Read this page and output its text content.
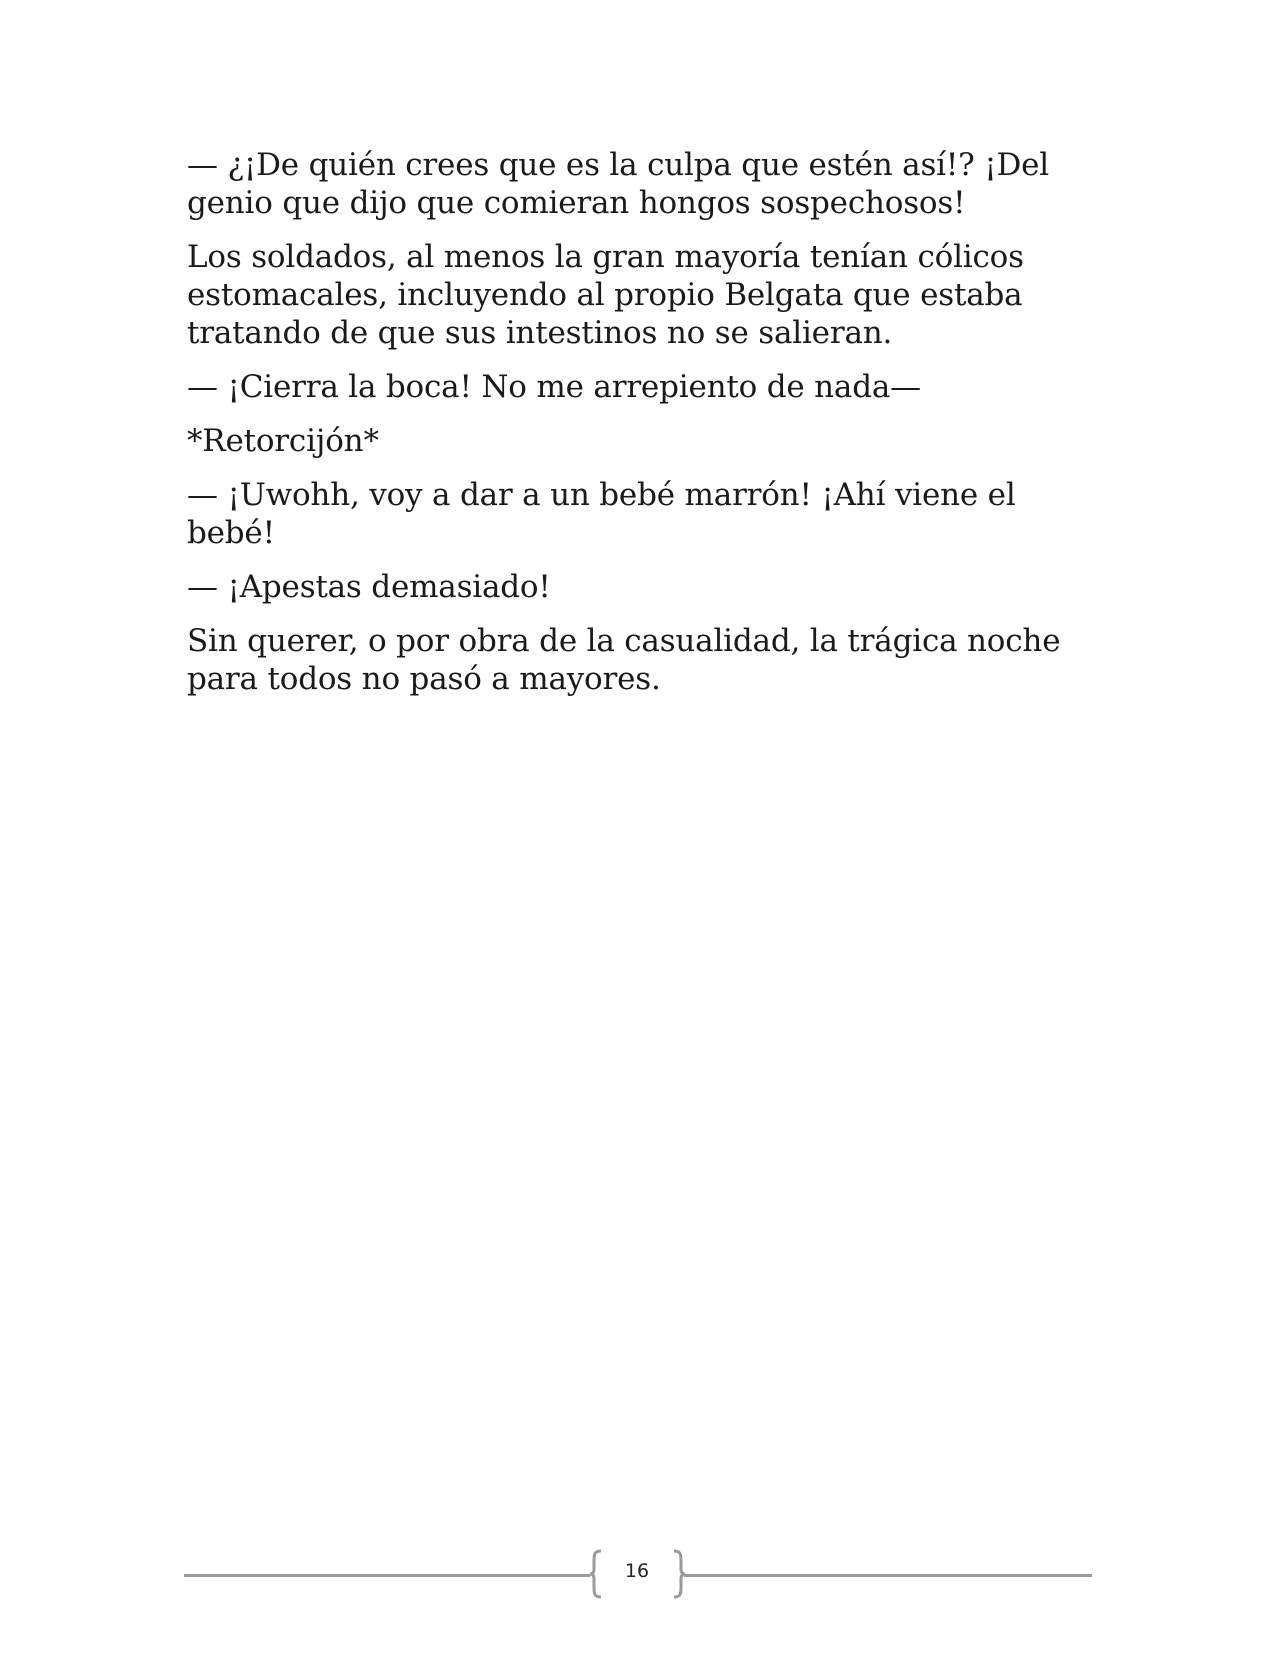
— ¿¡De quién crees que es la culpa que estén así!? ¡Del genio que dijo que comieran hongos sospechosos!

Los soldados, al menos la gran mayoría tenían cólicos estomacales, incluyendo al propio Belgata que estaba tratando de que sus intestinos no se salieran.

— ¡Cierra la boca! No me arrepiento de nada—

*Retorcijón*

— ¡Uwohh, voy a dar a un bebé marrón! ¡Ahí viene el bebé!

— ¡Apestas demasiado!

Sin querer, o por obra de la casualidad, la trágica noche para todos no pasó a mayores.

16
